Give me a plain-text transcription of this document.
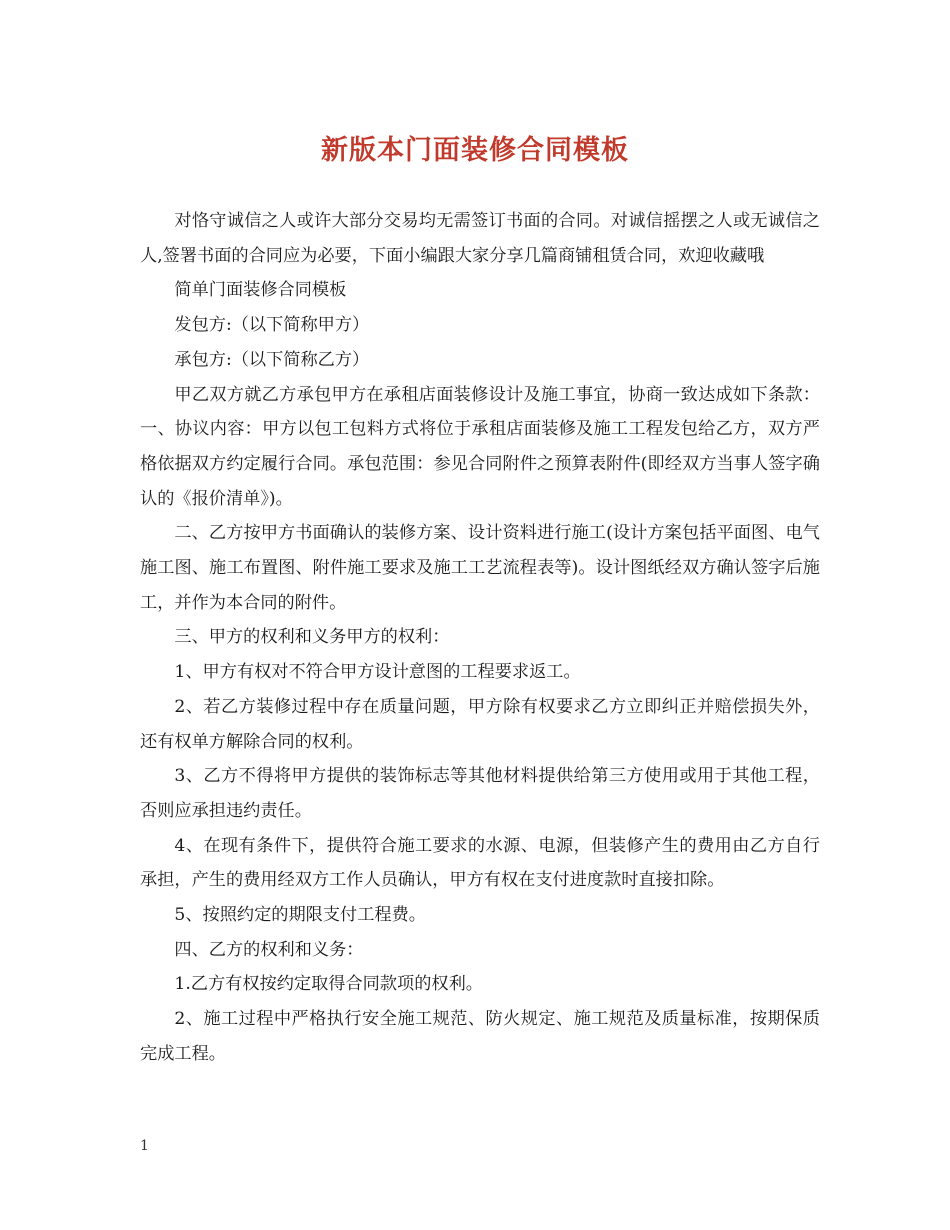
新版本门面装修合同模板

对恪守诚信之人或许大部分交易均无需签订书面的合同。对诚信摇摆之人或无诚信之人,签署书面的合同应为必要，下面小编跟大家分享几篇商铺租赁合同，欢迎收藏哦

简单门面装修合同模板

发包方:（以下简称甲方）

承包方:（以下简称乙方）

甲乙双方就乙方承包甲方在承租店面装修设计及施工事宜，协商一致达成如下条款：一、协议内容：甲方以包工包料方式将位于承租店面装修及施工工程发包给乙方，双方严格依据双方约定履行合同。承包范围：参见合同附件之预算表附件(即经双方当事人签字确认的《报价清单》)。

二、乙方按甲方书面确认的装修方案、设计资料进行施工(设计方案包括平面图、电气施工图、施工布置图、附件施工要求及施工工艺流程表等)。设计图纸经双方确认签字后施工，并作为本合同的附件。

三、甲方的权利和义务甲方的权利：

1、甲方有权对不符合甲方设计意图的工程要求返工。

2、若乙方装修过程中存在质量问题，甲方除有权要求乙方立即纠正并赔偿损失外，还有权单方解除合同的权利。

3、乙方不得将甲方提供的装饰标志等其他材料提供给第三方使用或用于其他工程，否则应承担违约责任。

4、在现有条件下，提供符合施工要求的水源、电源，但装修产生的费用由乙方自行承担，产生的费用经双方工作人员确认，甲方有权在支付进度款时直接扣除。

5、按照约定的期限支付工程费。

四、乙方的权利和义务：

1.乙方有权按约定取得合同款项的权利。

2、施工过程中严格执行安全施工规范、防火规定、施工规范及质量标准，按期保质完成工程。

1
